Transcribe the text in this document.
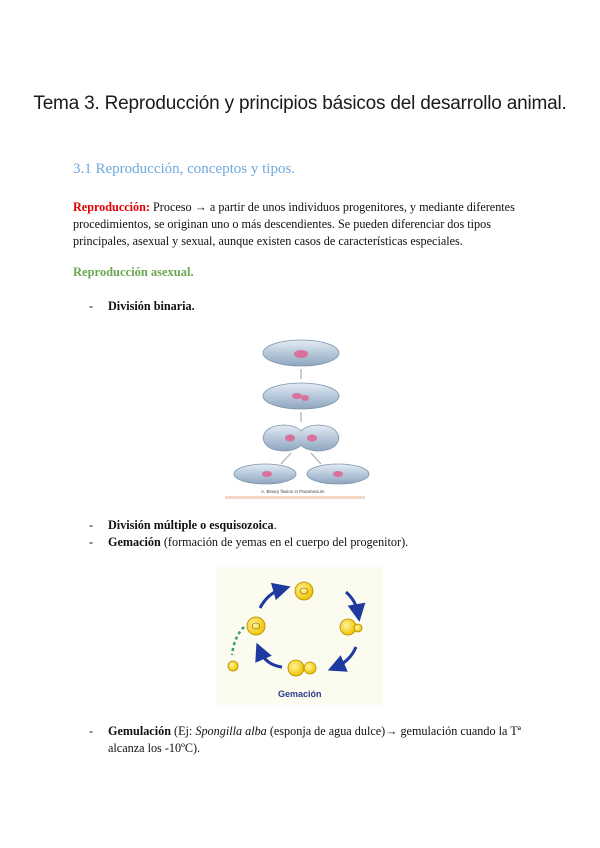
Tema 3. Reproducción y principios básicos del desarrollo animal.
3.1 Reproducción, conceptos y tipos.
Reproducción: Proceso → a partir de unos individuos progenitores, y mediante diferentes procedimientos, se originan uno o más descendientes. Se pueden diferenciar dos tipos principales, asexual y sexual, aunque existen casos de características especiales.
Reproducción asexual.
- División binaria.
A. Binary fission in Paramecium
- División múltiple o esquisozoica.
- Gemación (formación de yemas en el cuerpo del progenitor).
Gemación
- Gemulación (Ej: Spongilla alba (esponja de agua dulce)→ gemulación cuando la Tª
alcanza los -10ºC).
